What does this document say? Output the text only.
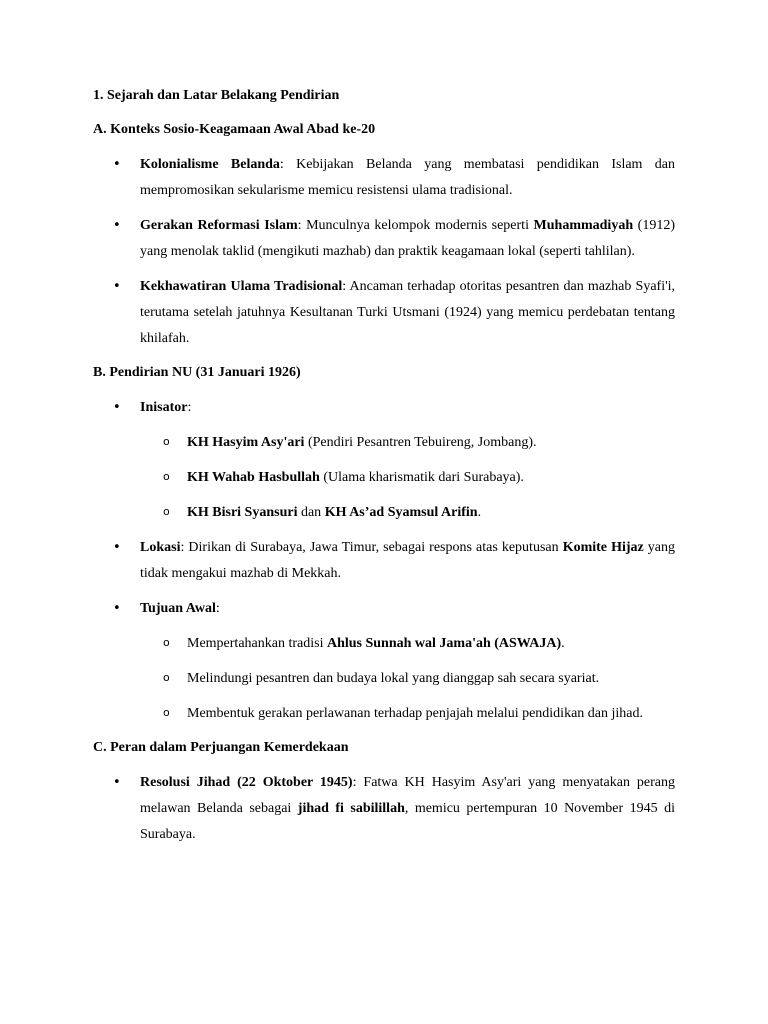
1. Sejarah dan Latar Belakang Pendirian
A. Konteks Sosio-Keagamaan Awal Abad ke-20
• Kolonialisme Belanda: Kebijakan Belanda yang membatasi pendidikan Islam dan mempromosikan sekularisme memicu resistensi ulama tradisional.
• Gerakan Reformasi Islam: Munculnya kelompok modernis seperti Muhammadiyah (1912) yang menolak taklid (mengikuti mazhab) dan praktik keagamaan lokal (seperti tahlilan).
• Kekhawatiran Ulama Tradisional: Ancaman terhadap otoritas pesantren dan mazhab Syafi'i, terutama setelah jatuhnya Kesultanan Turki Utsmani (1924) yang memicu perdebatan tentang khilafah.
B. Pendirian NU (31 Januari 1926)
• Inisator:
o KH Hasyim Asy'ari (Pendiri Pesantren Tebuireng, Jombang).
o KH Wahab Hasbullah (Ulama kharismatik dari Surabaya).
o KH Bisri Syansuri dan KH As’ad Syamsul Arifin.
• Lokasi: Dirikan di Surabaya, Jawa Timur, sebagai respons atas keputusan Komite Hijaz yang tidak mengakui mazhab di Mekkah.
• Tujuan Awal:
o Mempertahankan tradisi Ahlus Sunnah wal Jama'ah (ASWAJA).
o Melindungi pesantren dan budaya lokal yang dianggap sah secara syariat.
o Membentuk gerakan perlawanan terhadap penjajah melalui pendidikan dan jihad.
C. Peran dalam Perjuangan Kemerdekaan
• Resolusi Jihad (22 Oktober 1945): Fatwa KH Hasyim Asy'ari yang menyatakan perang melawan Belanda sebagai jihad fi sabilillah, memicu pertempuran 10 November 1945 di Surabaya.
